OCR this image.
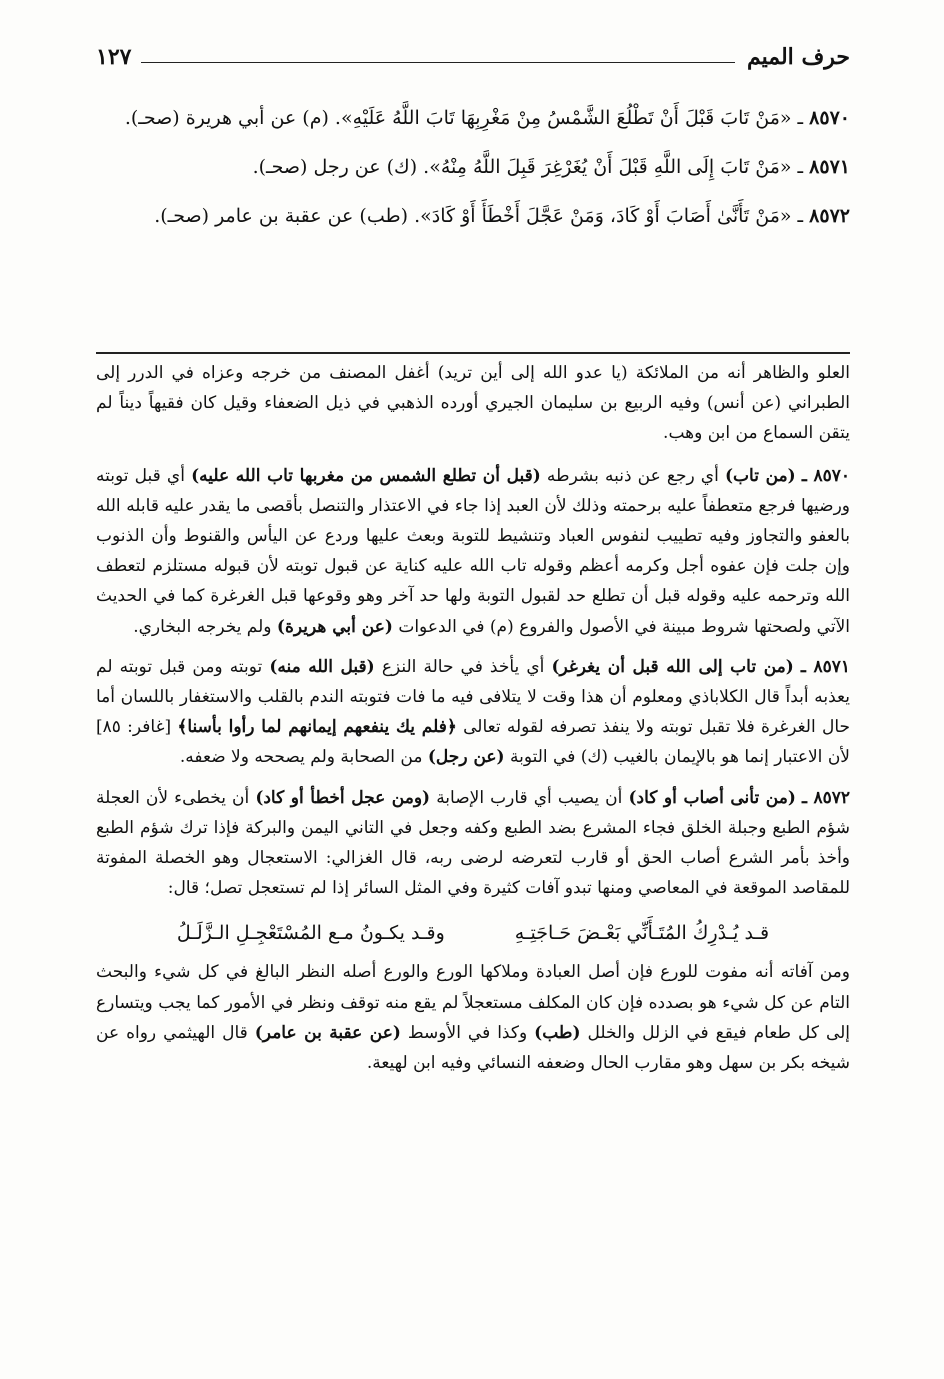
حرف الميم
١٢٧

٨٥٧٠ ـ «مَنْ تَابَ قَبْلَ أَنْ تَطْلُعَ الشَّمْسُ مِنْ مَغْرِبِهَا تَابَ اللَّهُ عَلَيْهِ». (م) عن أبي هريرة (صحـ).

٨٥٧١ ـ «مَنْ تَابَ إِلَى اللَّهِ قَبْلَ أَنْ يُغَرْغِرَ قَبِلَ اللَّهُ مِنْهُ». (ك) عن رجل (صحـ).

٨٥٧٢ ـ «مَنْ تَأَنَّىٰ أَصَابَ أَوْ كَادَ، وَمَنْ عَجَّلَ أَخْطَأَ أَوْ كَادَ». (طب) عن عقبة بن عامر (صحـ).

العلو والظاهر أنه من الملائكة (يا عدو الله إلى أين تريد) أغفل المصنف من خرجه وعزاه في الدرر إلى الطبراني (عن أنس) وفيه الربيع بن سليمان الجيري أورده الذهبي في ذيل الضعفاء وقيل كان فقيهاً ديناً لم يتقن السماع من ابن وهب.

٨٥٧٠ ـ (من تاب) أي رجع عن ذنبه بشرطه (قبل أن تطلع الشمس من مغربها تاب الله عليه) أي قبل توبته ورضيها فرجع متعطفاً عليه برحمته وذلك لأن العبد إذا جاء في الاعتذار والتنصل بأقصى ما يقدر عليه قابله الله بالعفو والتجاوز وفيه تطييب لنفوس العباد وتنشيط للتوبة وبعث عليها وردع عن اليأس والقنوط وأن الذنوب وإن جلت فإن عفوه أجل وكرمه أعظم وقوله تاب الله عليه كناية عن قبول توبته لأن قبوله مستلزم لتعطف الله وترحمه عليه وقوله قبل أن تطلع حد لقبول التوبة ولها حد آخر وهو وقوعها قبل الغرغرة كما في الحديث الآتي ولصحتها شروط مبينة في الأصول والفروع (م) في الدعوات (عن أبي هريرة) ولم يخرجه البخاري.

٨٥٧١ ـ (من تاب إلى الله قبل أن يغرغر) أي يأخذ في حالة النزع (قبل الله منه) توبته ومن قبل توبته لم يعذبه أبداً قال الكلاباذي ومعلوم أن هذا وقت لا يتلافى فيه ما فات فتوبته الندم بالقلب والاستغفار باللسان أما حال الغرغرة فلا تقبل توبته ولا ينفذ تصرفه لقوله تعالى ﴿فلم يك ينفعهم إيمانهم لما رأوا بأسنا﴾ [غافر: ٨٥] لأن الاعتبار إنما هو بالإيمان بالغيب (ك) في التوبة (عن رجل) من الصحابة ولم يصححه ولا ضعفه.

٨٥٧٢ ـ (من تأنى أصاب أو كاد) أن يصيب أي قارب الإصابة (ومن عجل أخطأ أو كاد) أن يخطىء لأن العجلة شؤم الطبع وجبلة الخلق فجاء المشرع بضد الطبع وكفه وجعل في التاني اليمن والبركة فإذا ترك شؤم الطبع وأخذ بأمر الشرع أصاب الحق أو قارب لتعرضه لرضى ربه، قال الغزالي: الاستعجال وهو الخصلة المفوتة للمقاصد الموقعة في المعاصي ومنها تبدو آفات كثيرة وفي المثل السائر إذا لم تستعجل تصل؛ قال:

قـد يُـدْرِكُ المُتَـأَنِّي بَعْـضَ حَـاجَتِـهِ
وقـد يكـونُ مـع المُسْتَعْجِـلِ الـزَّلَـلُ

ومن آفاته أنه مفوت للورع فإن أصل العبادة وملاكها الورع والورع أصله النظر البالغ في كل شيء والبحث التام عن كل شيء هو بصدده فإن كان المكلف مستعجلاً لم يقع منه توقف ونظر في الأمور كما يجب ويتسارع إلى كل طعام فيقع في الزلل والخلل (طب) وكذا في الأوسط (عن عقبة بن عامر) قال الهيثمي رواه عن شيخه بكر بن سهل وهو مقارب الحال وضعفه النسائي وفيه ابن لهيعة.
